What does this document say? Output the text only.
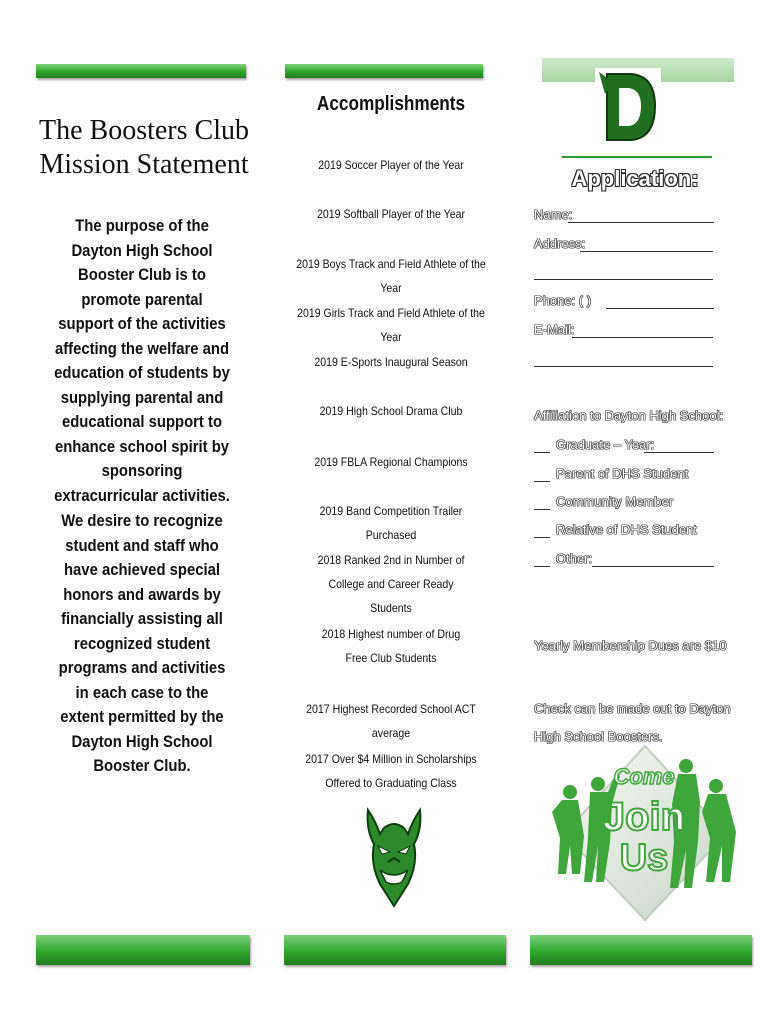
The Boosters Club
Mission Statement
The purpose of the Dayton High School Booster Club is to promote parental support of the activities affecting the welfare and education of students by supplying parental and educational support to enhance school spirit by sponsoring extracurricular activities.
We desire to recognize student and staff who have achieved special honors and awards by financially assisting all recognized student programs and activities in each case to the extent permitted by the Dayton High School Booster Club.
Accomplishments
2019 Soccer Player of the Year
2019 Softball Player of the Year
2019 Boys Track and Field Athlete of the Year
2019 Girls Track and Field Athlete of the Year
2019 E-Sports Inaugural Season
2019 High School Drama Club
2019 FBLA Regional Champions
2019 Band Competition Trailer Purchased
2018 Ranked 2nd in Number of College and Career Ready Students
2018 Highest number of Drug Free Club Students
2017 Highest Recorded School ACT average
2017 Over $4 Million in Scholarships Offered to Graduating Class
D
Application:
Name:
Address:
Phone: ( )
E-Mail:
Affiliation to Dayton High School:
Graduate – Year:
Parent of DHS Student
Community Member
Relative of DHS Student
Other:
Yearly Membership Dues are $10
Check can be made out to Dayton High School Boosters.
Come
Join
Us
